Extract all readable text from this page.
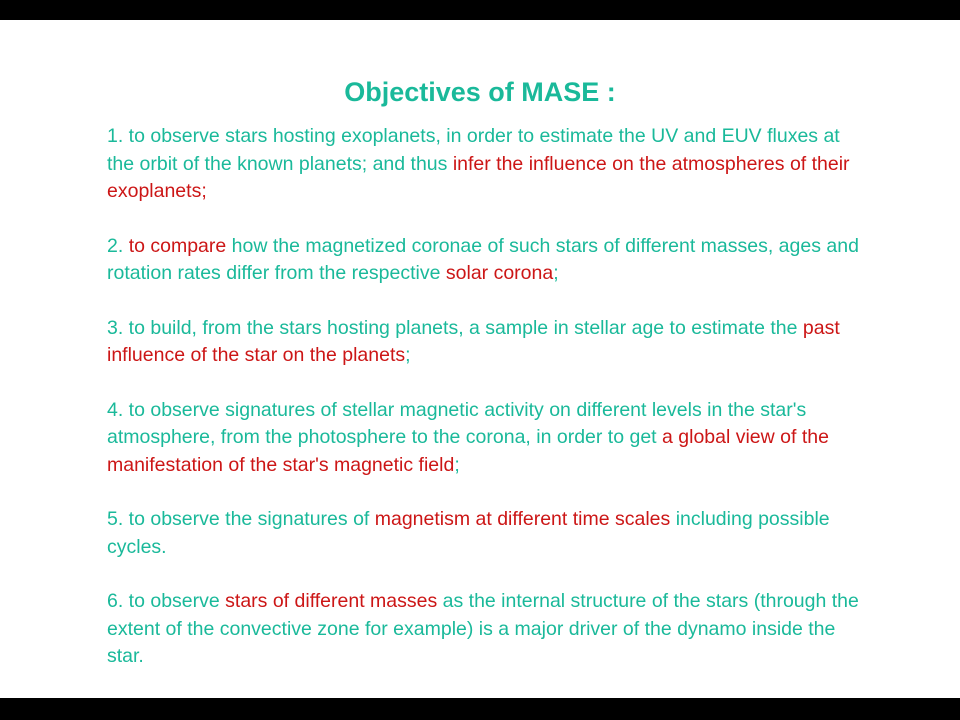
Objectives of MASE :
1. to observe stars hosting exoplanets, in order to estimate the UV and EUV fluxes at the orbit of the known planets; and thus infer the influence on the atmospheres of their exoplanets;
2. to compare how the magnetized coronae of such stars of different masses, ages and rotation rates differ from the respective solar corona;
3. to build, from the stars hosting planets, a sample in stellar age to estimate the past influence of the star on the planets;
4. to observe signatures of stellar magnetic activity on different levels in the star's atmosphere, from the photosphere to the corona, in order to get a global view of the manifestation of the star's magnetic field;
5. to observe the signatures of magnetism at different time scales including possible cycles.
6. to observe stars of different masses as the internal structure of the stars (through the extent of the convective zone for example) is a major driver of the dynamo inside the star.
